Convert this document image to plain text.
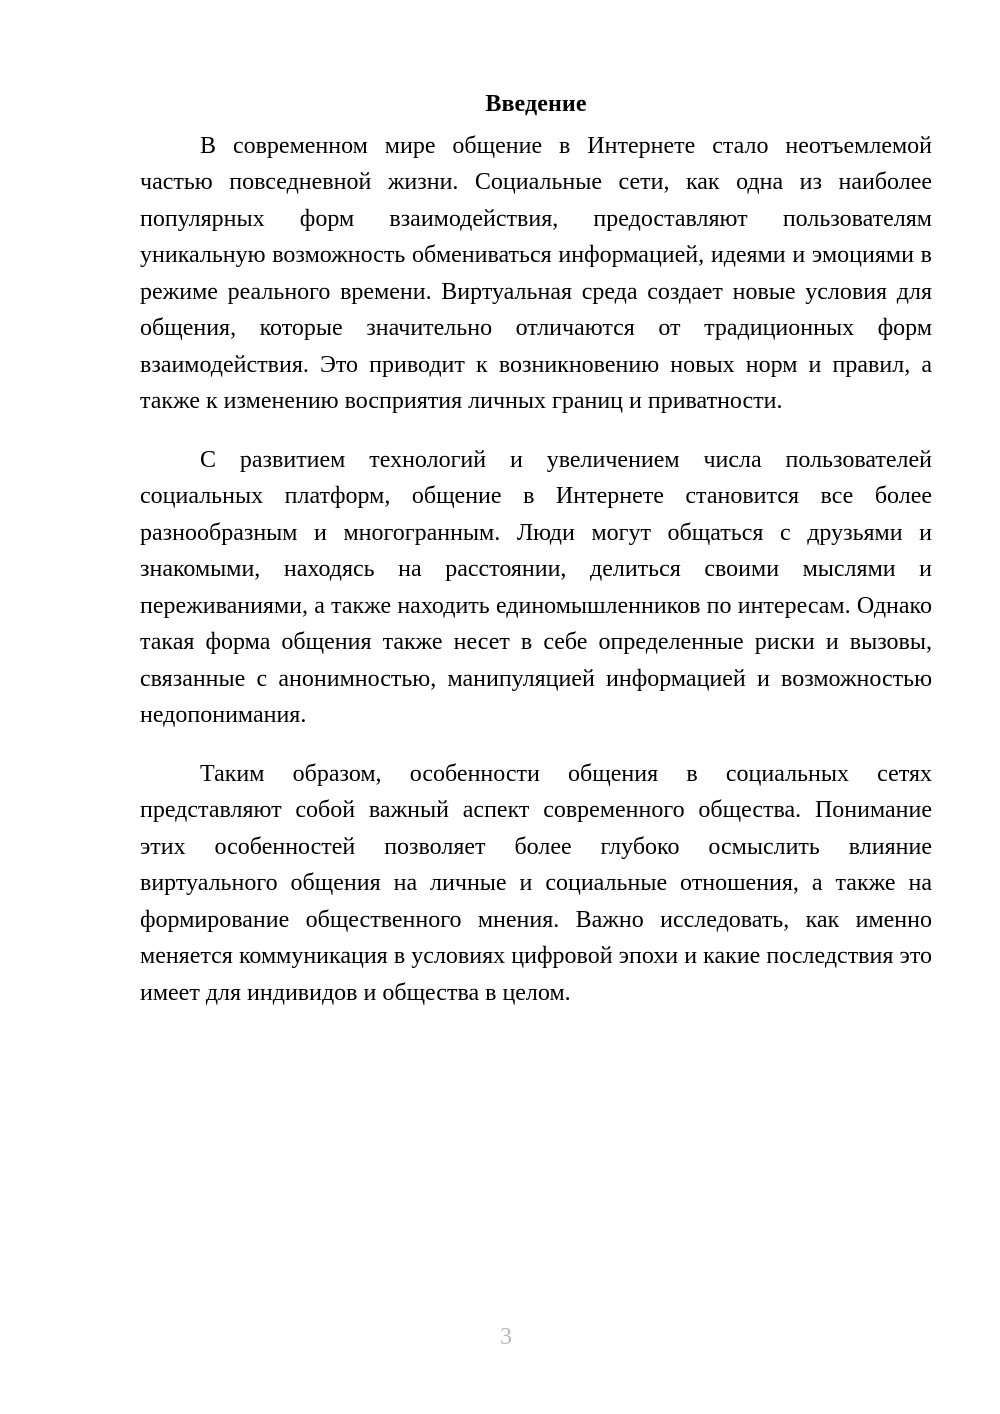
Введение

В современном мире общение в Интернете стало неотъемлемой частью повседневной жизни. Социальные сети, как одна из наиболее популярных форм взаимодействия, предоставляют пользователям уникальную возможность обмениваться информацией, идеями и эмоциями в режиме реального времени. Виртуальная среда создает новые условия для общения, которые значительно отличаются от традиционных форм взаимодействия. Это приводит к возникновению новых норм и правил, а также к изменению восприятия личных границ и приватности.

С развитием технологий и увеличением числа пользователей социальных платформ, общение в Интернете становится все более разнообразным и многогранным. Люди могут общаться с друзьями и знакомыми, находясь на расстоянии, делиться своими мыслями и переживаниями, а также находить единомышленников по интересам. Однако такая форма общения также несет в себе определенные риски и вызовы, связанные с анонимностью, манипуляцией информацией и возможностью недопонимания.

Таким образом, особенности общения в социальных сетях представляют собой важный аспект современного общества. Понимание этих особенностей позволяет более глубоко осмыслить влияние виртуального общения на личные и социальные отношения, а также на формирование общественного мнения. Важно исследовать, как именно меняется коммуникация в условиях цифровой эпохи и какие последствия это имеет для индивидов и общества в целом.

3
